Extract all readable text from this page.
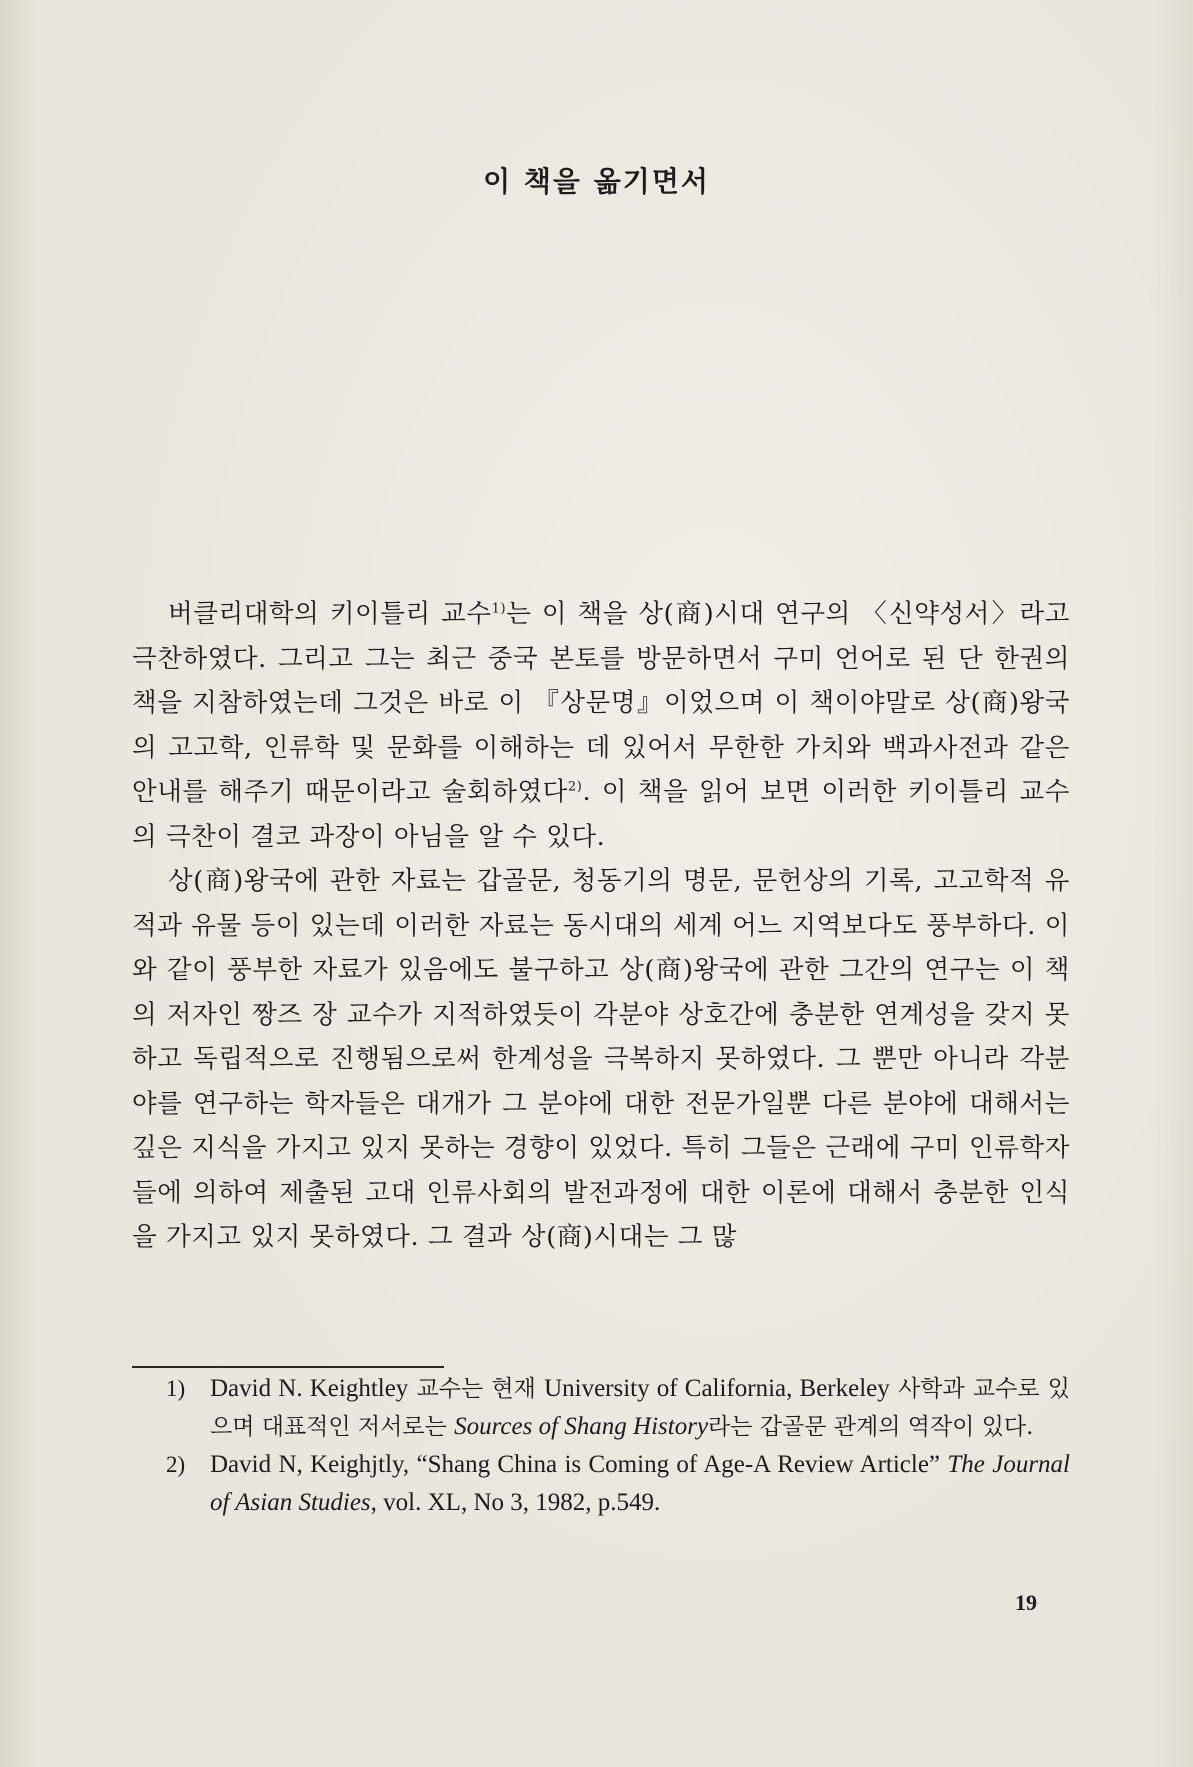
이 책을 옮기면서

버클리대학의 키이틀리 교수$^{1)}$는 이 책을 상(商)시대 연구의 〈신약성서〉라고 극찬하였다. 그리고 그는 최근 중국 본토를 방문하면서 구미 언어로 된 단 한권의 책을 지참하였는데 그것은 바로 이 『상문명』이었으며 이 책이야말로 상(商)왕국의 고고학, 인류학 및 문화를 이해하는 데 있어서 무한한 가치와 백과사전과 같은 안내를 해주기 때문이라고 술회하였다$^{2)}$. 이 책을 읽어 보면 이러한 키이틀리 교수의 극찬이 결코 과장이 아님을 알 수 있다.

상(商)왕국에 관한 자료는 갑골문, 청동기의 명문, 문헌상의 기록, 고고학적 유적과 유물 등이 있는데 이러한 자료는 동시대의 세계 어느 지역보다도 풍부하다. 이와 같이 풍부한 자료가 있음에도 불구하고 상(商)왕국에 관한 그간의 연구는 이 책의 저자인 짱즈 장 교수가 지적하였듯이 각분야 상호간에 충분한 연계성을 갖지 못하고 독립적으로 진행됨으로써 한계성을 극복하지 못하였다. 그 뿐만 아니라 각분야를 연구하는 학자들은 대개가 그 분야에 대한 전문가일뿐 다른 분야에 대해서는 깊은 지식을 가지고 있지 못하는 경향이 있었다. 특히 그들은 근래에 구미 인류학자들에 의하여 제출된 고대 인류사회의 발전과정에 대한 이론에 대해서 충분한 인식을 가지고 있지 못하였다. 그 결과 상(商)시대는 그 많

1) David N. Keightley 교수는 현재 University of California, Berkeley 사학과 교수로 있으며 대표적인 저서로는 Sources of Shang History라는 갑골문 관계의 역작이 있다.
2) David N, Keighjtly, “Shang China is Coming of Age-A Review Article” The Journal of Asian Studies, vol. XL, No 3, 1982, p.549.
19
